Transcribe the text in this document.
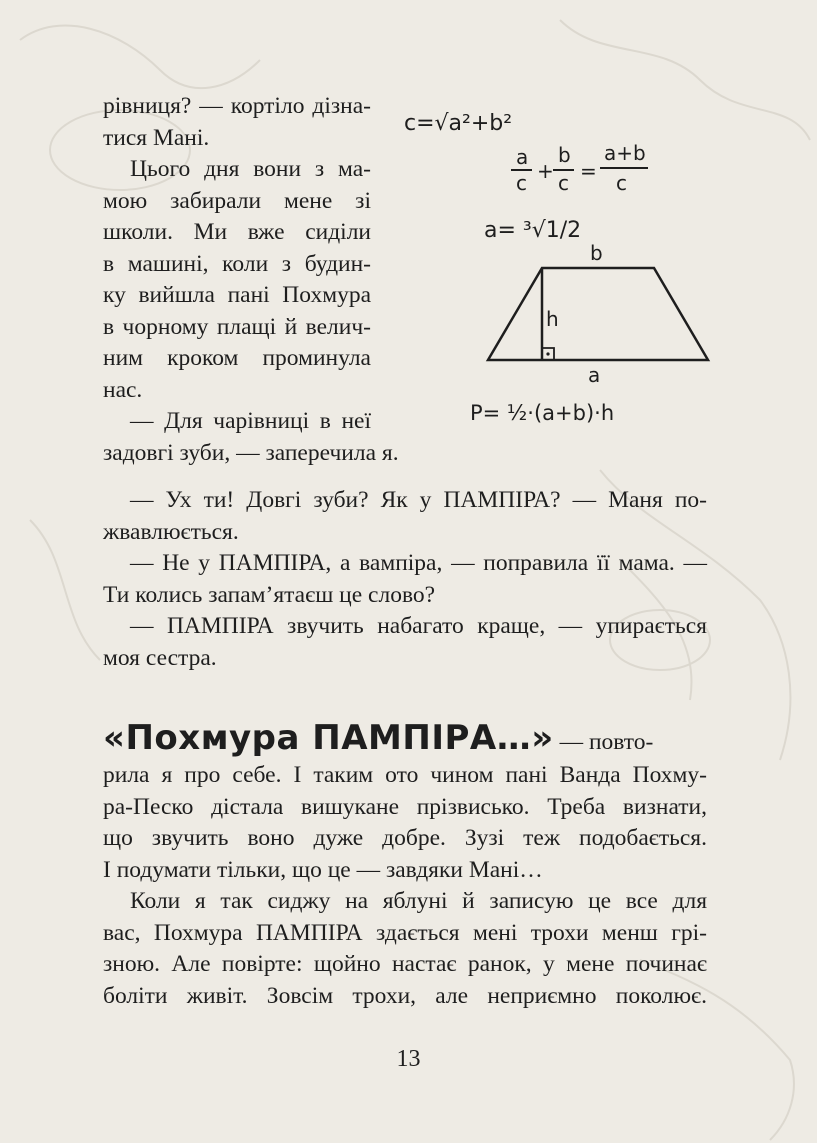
рівниця? — кортіло дізна-
тися Мані.

Цього дня вони з ма-
мою забирали мене зі
школи. Ми вже сиділи
в машині, коли з будин-
ку вийшла пані Похмура
в чорному плащі й велич-
ним кроком проминула
нас.

— Для чарівниці в неї
задовгі зуби, — заперечила я.

c=√a²+b²
a
c +
b
c =
a+b
c
a= ³√1/2
b
h
a
P= ½·(a+b)·h

— Ух ти! Довгі зуби? Як у ПАМПІРА? — Маня по-
жвавлюється.

— Не у ПАМПІРА, а вампіра, — поправила її мама. —
Ти колись запам’ятаєш це слово?

— ПАМПІРА звучить набагато краще, — упирається
моя сестра.

«Похмура ПАМПІРА…» — повто-

рила я про себе. І таким ото чином пані Ванда Похму-
ра-Песко дістала вишукане прізвисько. Треба визнати,
що звучить воно дуже добре. Зузі теж подобається.
І подумати тільки, що це — завдяки Мані…

Коли я так сиджу на яблуні й записую це все для
вас, Похмура ПАМПІРА здається мені трохи менш грі-
зною. Але повірте: щойно настає ранок, у мене починає
боліти живіт. Зовсім трохи, але неприємно поколює.

13
